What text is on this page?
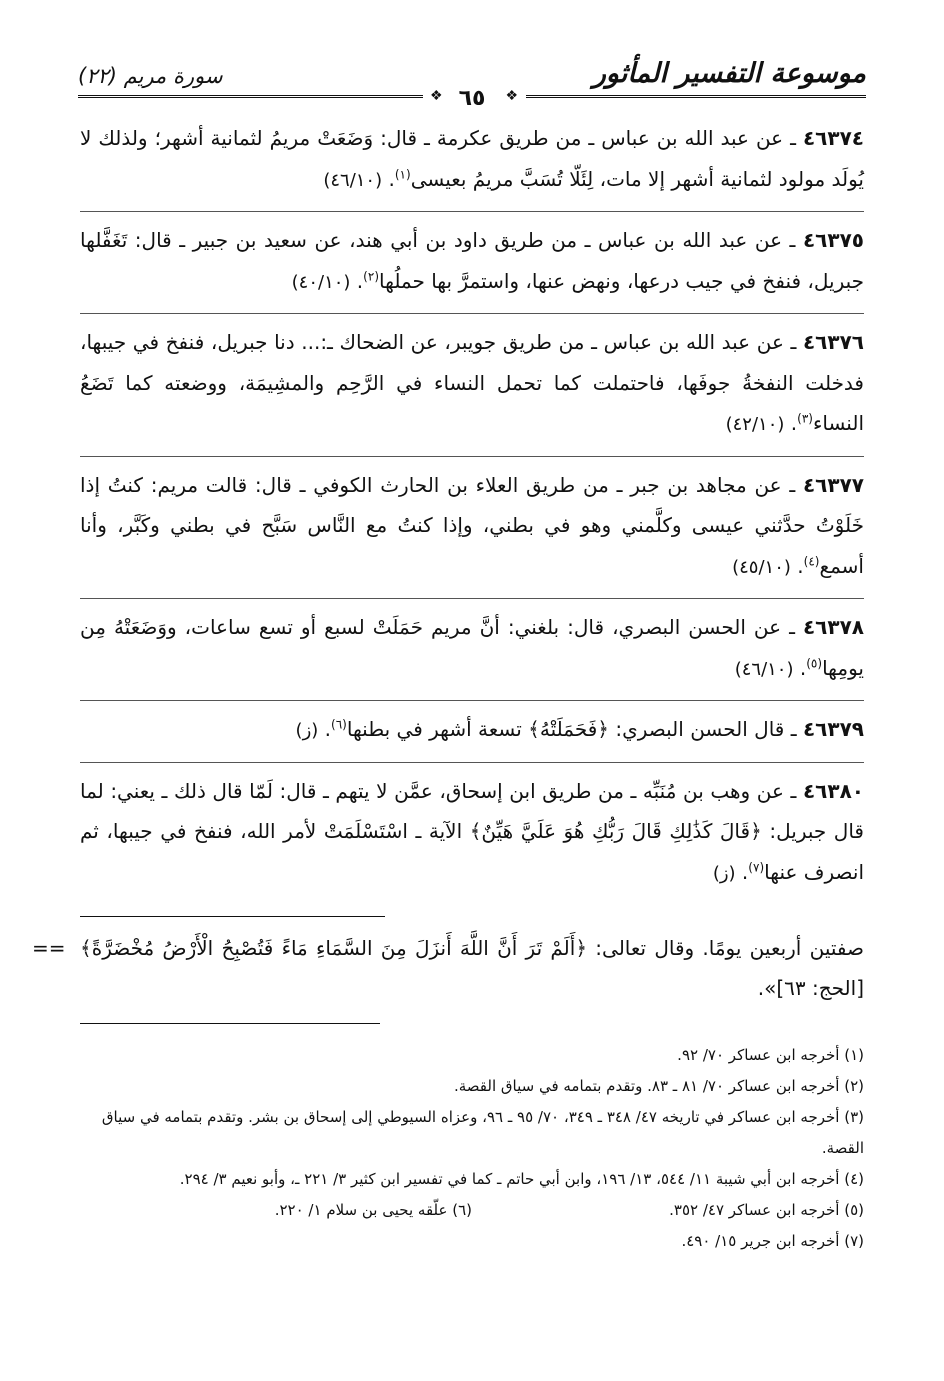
موسوعة التفسير المأثور
سورة مريم (٢٢)
❖	❖
٦٥

٤٦٣٧٤ ـ عن عبد الله بن عباس ـ من طريق عكرمة ـ قال: وَضَعَتْ مريمُ لثمانية أشهر؛ ولذلك لا يُولَد مولود لثمانية أشهر إلا مات، لِئَلّا تُسَبَّ مريمُ بعيسى$^{(١)}$. (٤٦/١٠)

٤٦٣٧٥ ـ عن عبد الله بن عباس ـ من طريق داود بن أبي هند، عن سعيد بن جبير ـ قال: تَغَفَّلها جبريل، فنفخ في جيب درعها، ونهض عنها، واستمرَّ بها حملُها$^{(٢)}$. (٤٠/١٠)

٤٦٣٧٦ ـ عن عبد الله بن عباس ـ من طريق جويبر، عن الضحاك ـ:... دنا جبريل، فنفخ في جيبها، فدخلت النفخةُ جوفَها، فاحتملت كما تحمل النساء في الرَّحِم والمشِيمَة، ووضعته كما تَضَعُ النساء$^{(٣)}$. (٤٢/١٠)

٤٦٣٧٧ ـ عن مجاهد بن جبر ـ من طريق العلاء بن الحارث الكوفي ـ قال: قالت مريم: كنتُ إذا خَلَوْتُ حدَّثني عيسى وكلَّمني وهو في بطني، وإذا كنتُ مع النَّاس سَبَّح في بطني وكَبَّر، وأنا أسمع$^{(٤)}$. (٤٥/١٠)

٤٦٣٧٨ ـ عن الحسن البصري، قال: بلغني: أنَّ مريم حَمَلَتْ لسبع أو تسع ساعات، ووَضَعَتْهُ مِن يومِها$^{(٥)}$. (٤٦/١٠)

٤٦٣٧٩ ـ قال الحسن البصري: ﴿فَحَمَلَتْهُ﴾ تسعة أشهر في بطنها$^{(٦)}$. (ز)

٤٦٣٨٠ ـ عن وهب بن مُنَبِّه ـ من طريق ابن إسحاق، عمَّن لا يتهم ـ قال: لَمّا قال ذلك ـ يعني: لما قال جبريل: ﴿قَالَ كَذَٰلِكِ قَالَ رَبُّكِ هُوَ عَلَيَّ هَيِّنٌ﴾ الآية ـ اسْتَسْلَمَتْ لأمر الله، فنفخ في جيبها، ثم انصرف عنها$^{(٧)}$. (ز)

== صفتين أربعين يومًا. وقال تعالى: ﴿أَلَمْ تَرَ أَنَّ اللَّهَ أَنزَلَ مِنَ السَّمَاءِ مَاءً فَتُصْبِحُ الْأَرْضُ مُخْضَرَّةً﴾ [الحج: ٦٣]».

(١) أخرجه ابن عساكر ٧٠/ ٩٢.

(٢) أخرجه ابن عساكر ٧٠/ ٨١ ـ ٨٣. وتقدم بتمامه في سياق القصة.

(٣) أخرجه ابن عساكر في تاريخه ٤٧/ ٣٤٨ ـ ٣٤٩، ٧٠/ ٩٥ ـ ٩٦، وعزاه السيوطي إلى إسحاق بن بشر. وتقدم بتمامه في سياق القصة.

(٤) أخرجه ابن أبي شيبة ١١/ ٥٤٤، ١٣/ ١٩٦، وابن أبي حاتم ـ كما في تفسير ابن كثير ٣/ ٢٢١ ـ، وأبو نعيم ٣/ ٢٩٤.

(٥) أخرجه ابن عساكر ٤٧/ ٣٥٢.

(٦) علّقه يحيى بن سلام ١/ ٢٢٠.

(٧) أخرجه ابن جرير ١٥/ ٤٩٠.
